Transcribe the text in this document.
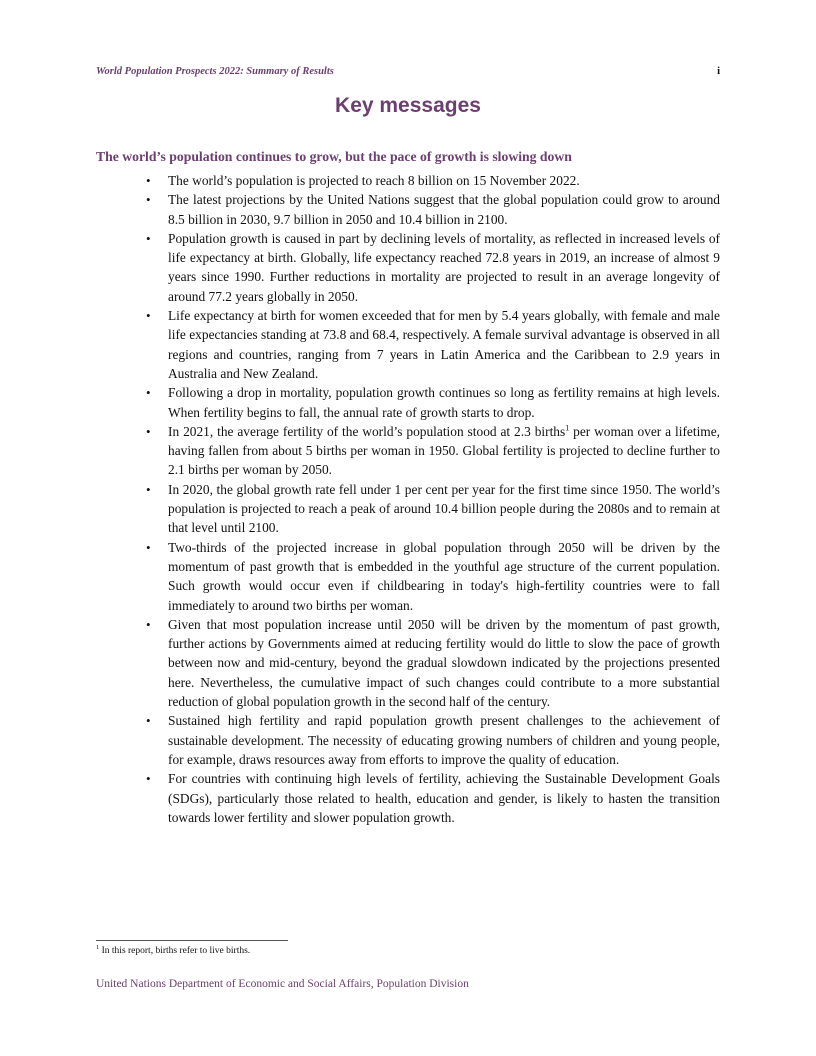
World Population Prospects 2022: Summary of Results	i
Key messages
The world’s population continues to grow, but the pace of growth is slowing down
• The world’s population is projected to reach 8 billion on 15 November 2022.
• The latest projections by the United Nations suggest that the global population could grow to around 8.5 billion in 2030, 9.7 billion in 2050 and 10.4 billion in 2100.
• Population growth is caused in part by declining levels of mortality, as reflected in increased levels of life expectancy at birth. Globally, life expectancy reached 72.8 years in 2019, an increase of almost 9 years since 1990. Further reductions in mortality are projected to result in an average longevity of around 77.2 years globally in 2050.
• Life expectancy at birth for women exceeded that for men by 5.4 years globally, with female and male life expectancies standing at 73.8 and 68.4, respectively. A female survival advantage is observed in all regions and countries, ranging from 7 years in Latin America and the Caribbean to 2.9 years in Australia and New Zealand.
• Following a drop in mortality, population growth continues so long as fertility remains at high levels. When fertility begins to fall, the annual rate of growth starts to drop.
• In 2021, the average fertility of the world’s population stood at 2.3 births$^1$ per woman over a lifetime, having fallen from about 5 births per woman in 1950. Global fertility is projected to decline further to 2.1 births per woman by 2050.
• In 2020, the global growth rate fell under 1 per cent per year for the first time since 1950. The world’s population is projected to reach a peak of around 10.4 billion people during the 2080s and to remain at that level until 2100.
• Two-thirds of the projected increase in global population through 2050 will be driven by the momentum of past growth that is embedded in the youthful age structure of the current population. Such growth would occur even if childbearing in today's high-fertility countries were to fall immediately to around two births per woman.
• Given that most population increase until 2050 will be driven by the momentum of past growth, further actions by Governments aimed at reducing fertility would do little to slow the pace of growth between now and mid-century, beyond the gradual slowdown indicated by the projections presented here. Nevertheless, the cumulative impact of such changes could contribute to a more substantial reduction of global population growth in the second half of the century.
• Sustained high fertility and rapid population growth present challenges to the achievement of sustainable development. The necessity of educating growing numbers of children and young people, for example, draws resources away from efforts to improve the quality of education.
• For countries with continuing high levels of fertility, achieving the Sustainable Development Goals (SDGs), particularly those related to health, education and gender, is likely to hasten the transition towards lower fertility and slower population growth.
$^1$ In this report, births refer to live births.
United Nations Department of Economic and Social Affairs, Population Division
